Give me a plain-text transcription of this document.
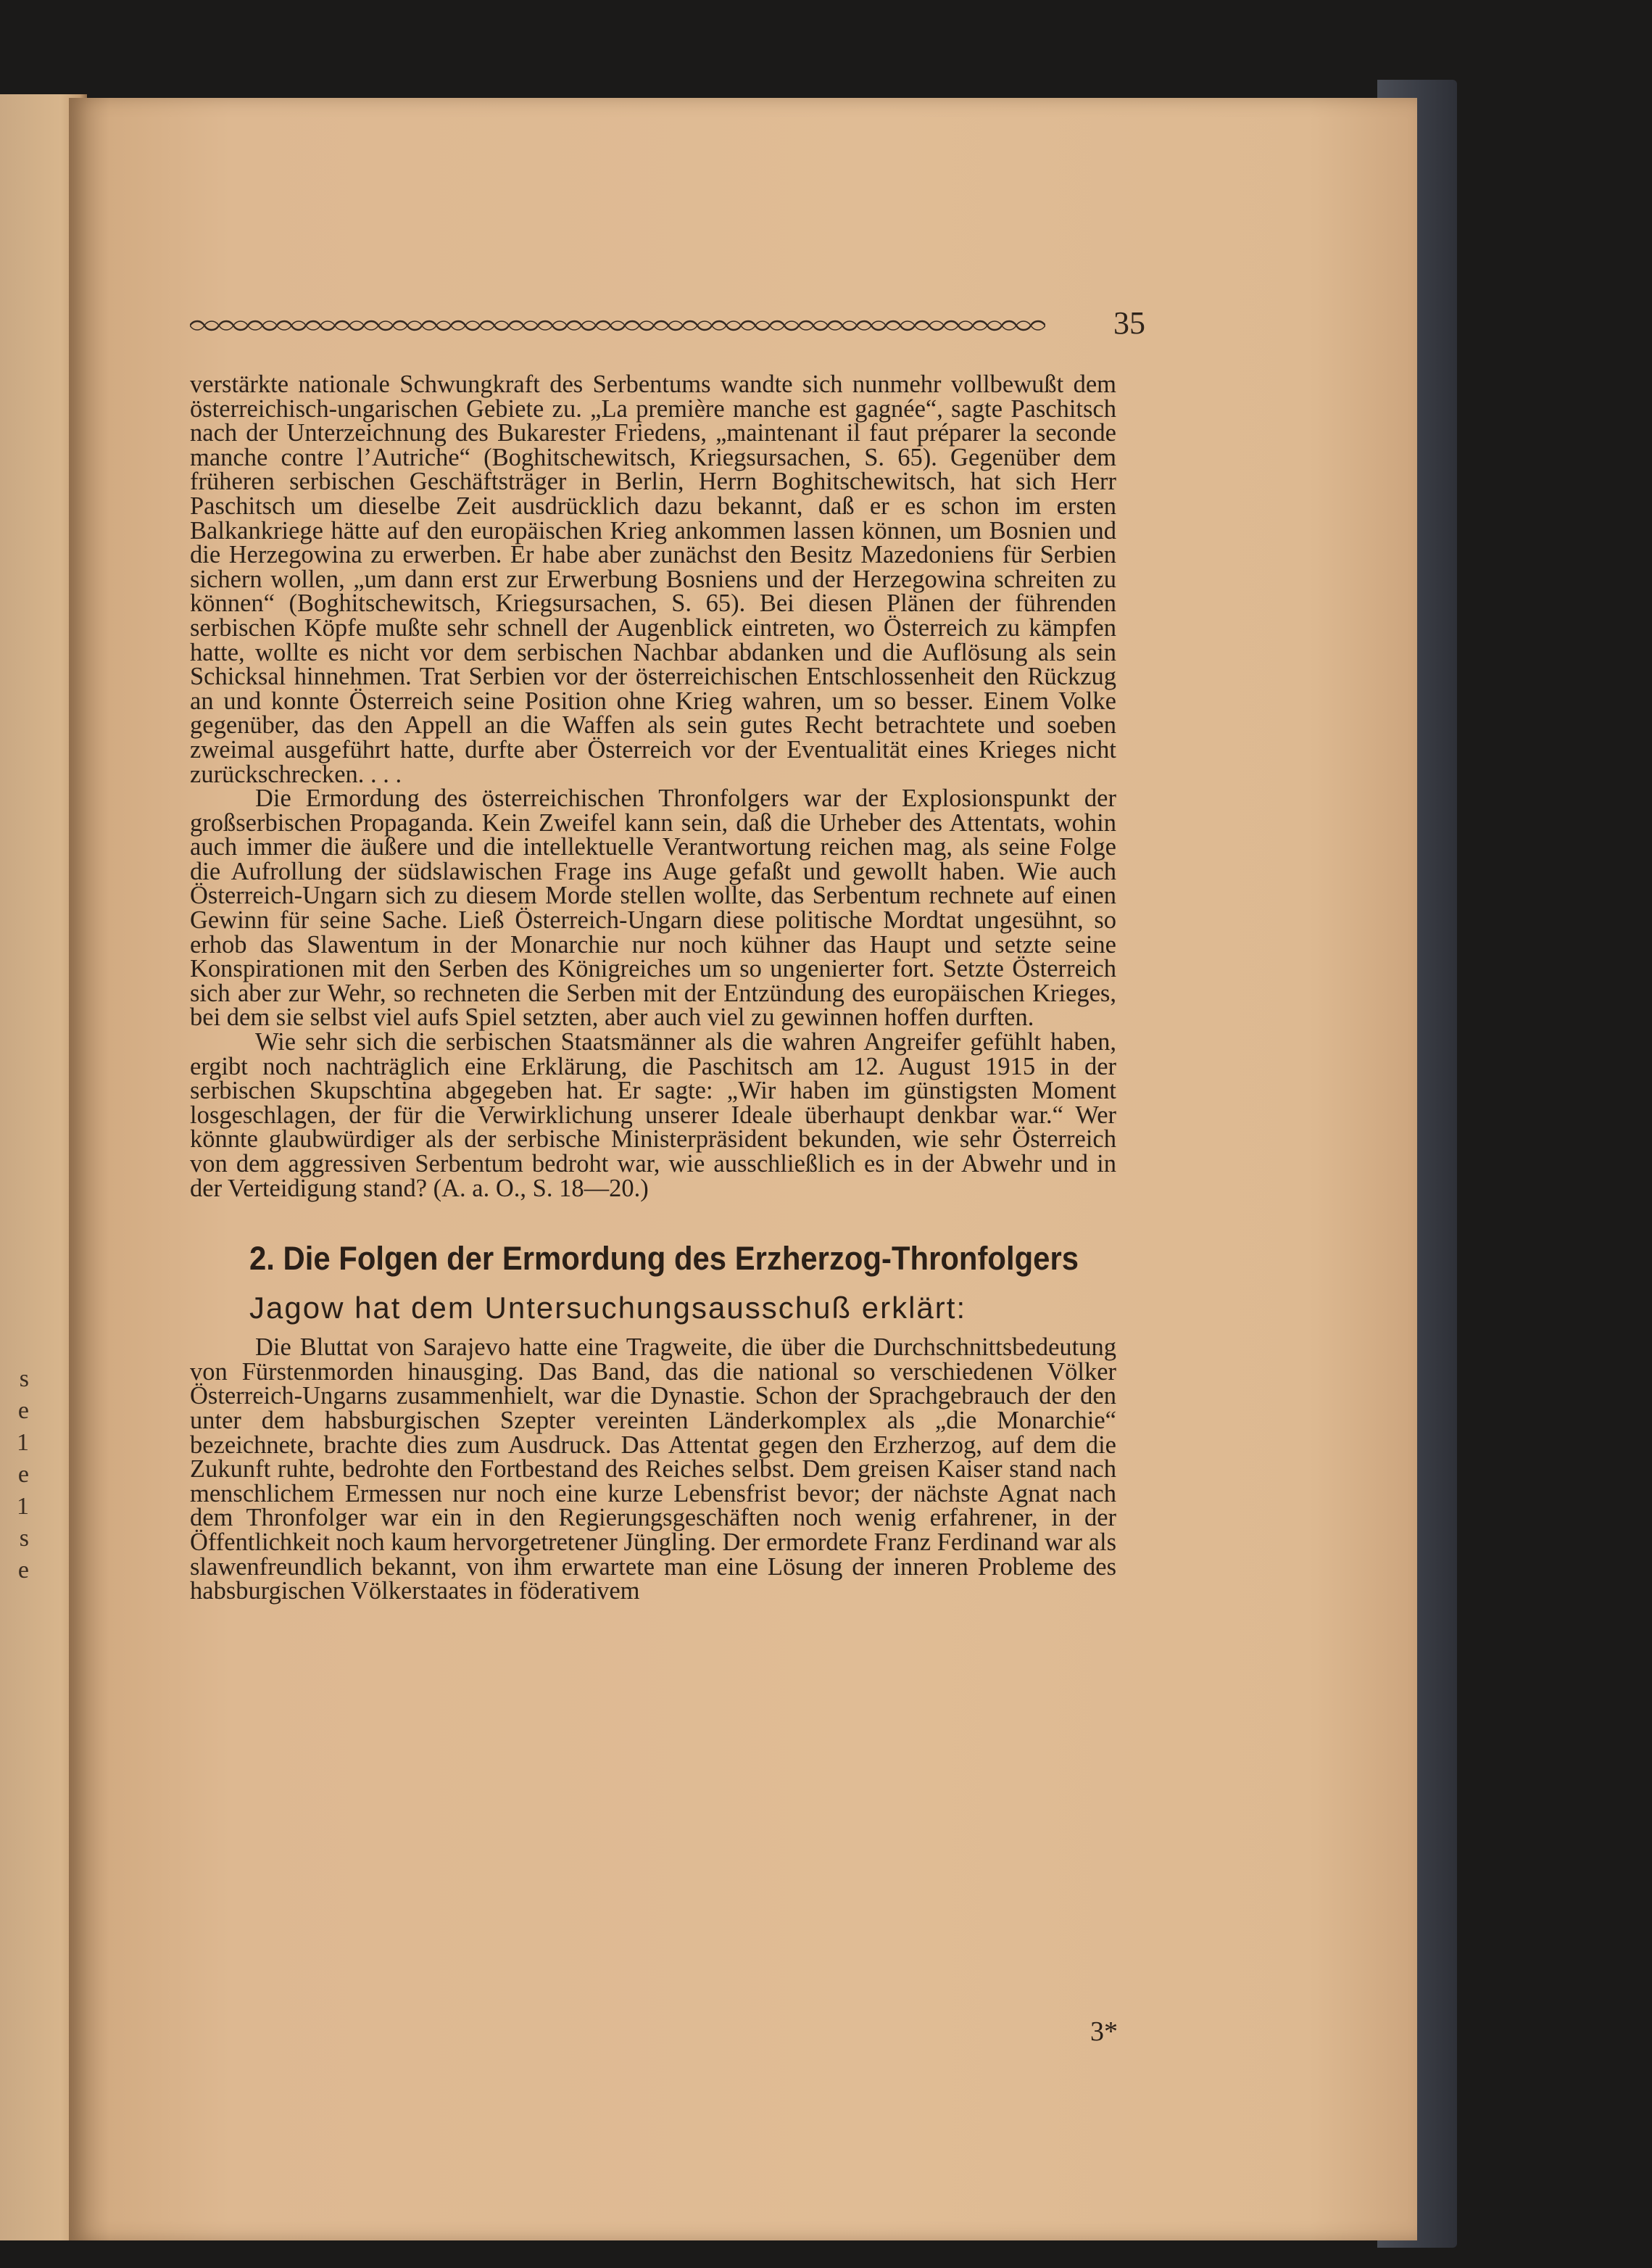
s
e
1
e
1
s
e
35

verstärkte nationale Schwungkraft des Serbentums wandte sich nunmehr vollbewußt dem österreichisch-ungarischen Gebiete zu. „La première manche est gagnée“, sagte Paschitsch nach der Unterzeichnung des Bukarester Friedens, „maintenant il faut préparer la seconde manche contre l’Autriche“ (Boghitschewitsch, Kriegsursachen, S. 65). Gegenüber dem früheren serbischen Geschäftsträger in Berlin, Herrn Boghitschewitsch, hat sich Herr Paschitsch um dieselbe Zeit ausdrücklich dazu bekannt, daß er es schon im ersten Balkankriege hätte auf den europäischen Krieg ankommen lassen können, um Bosnien und die Herzegowina zu erwerben. Er habe aber zunächst den Besitz Mazedoniens für Serbien sichern wollen, „um dann erst zur Erwerbung Bosniens und der Herzegowina schreiten zu können“ (Boghitschewitsch, Kriegsursachen, S. 65). Bei diesen Plänen der führenden serbischen Köpfe mußte sehr schnell der Augenblick eintreten, wo Österreich zu kämpfen hatte, wollte es nicht vor dem serbischen Nachbar abdanken und die Auflösung als sein Schicksal hinnehmen. Trat Serbien vor der österreichischen Entschlossenheit den Rückzug an und konnte Österreich seine Position ohne Krieg wahren, um so besser. Einem Volke gegenüber, das den Appell an die Waffen als sein gutes Recht betrachtete und soeben zweimal ausgeführt hatte, durfte aber Österreich vor der Eventualität eines Krieges nicht zurückschrecken. . . .

Die Ermordung des österreichischen Thronfolgers war der Explosionspunkt der großserbischen Propaganda. Kein Zweifel kann sein, daß die Urheber des Attentats, wohin auch immer die äußere und die intellektuelle Verantwortung reichen mag, als seine Folge die Aufrollung der südslawischen Frage ins Auge gefaßt und gewollt haben. Wie auch Österreich-Ungarn sich zu diesem Morde stellen wollte, das Serbentum rechnete auf einen Gewinn für seine Sache. Ließ Österreich-Ungarn diese politische Mordtat ungesühnt, so erhob das Slawentum in der Monarchie nur noch kühner das Haupt und setzte seine Konspirationen mit den Serben des Königreiches um so ungenierter fort. Setzte Österreich sich aber zur Wehr, so rechneten die Serben mit der Entzündung des europäischen Krieges, bei dem sie selbst viel aufs Spiel setzten, aber auch viel zu gewinnen hoffen durften.

Wie sehr sich die serbischen Staatsmänner als die wahren Angreifer gefühlt haben, ergibt noch nachträglich eine Erklärung, die Paschitsch am 12. August 1915 in der serbischen Skupschtina abgegeben hat. Er sagte: „Wir haben im günstigsten Moment losgeschlagen, der für die Verwirklichung unserer Ideale überhaupt denkbar war.“ Wer könnte glaubwürdiger als der serbische Ministerpräsident bekunden, wie sehr Österreich von dem aggressiven Serbentum bedroht war, wie ausschließlich es in der Abwehr und in der Verteidigung stand? (A. a. O., S. 18—20.)

2. Die Folgen der Ermordung des Erzherzog-Thronfolgers
Jagow hat dem Untersuchungsausschuß erklärt:

Die Bluttat von Sarajevo hatte eine Tragweite, die über die Durchschnittsbedeutung von Fürstenmorden hinausging. Das Band, das die national so verschiedenen Völker Österreich-Ungarns zusammenhielt, war die Dynastie. Schon der Sprachgebrauch der den unter dem habsburgischen Szepter vereinten Länderkomplex als „die Monarchie“ bezeichnete, brachte dies zum Ausdruck. Das Attentat gegen den Erzherzog, auf dem die Zukunft ruhte, bedrohte den Fortbestand des Reiches selbst. Dem greisen Kaiser stand nach menschlichem Ermessen nur noch eine kurze Lebensfrist bevor; der nächste Agnat nach dem Thronfolger war ein in den Regierungsgeschäften noch wenig erfahrener, in der Öffentlichkeit noch kaum hervorgetretener Jüngling. Der ermordete Franz Ferdinand war als slawenfreundlich bekannt, von ihm erwartete man eine Lösung der inneren Probleme des habsburgischen Völkerstaates in föderativem

3*
